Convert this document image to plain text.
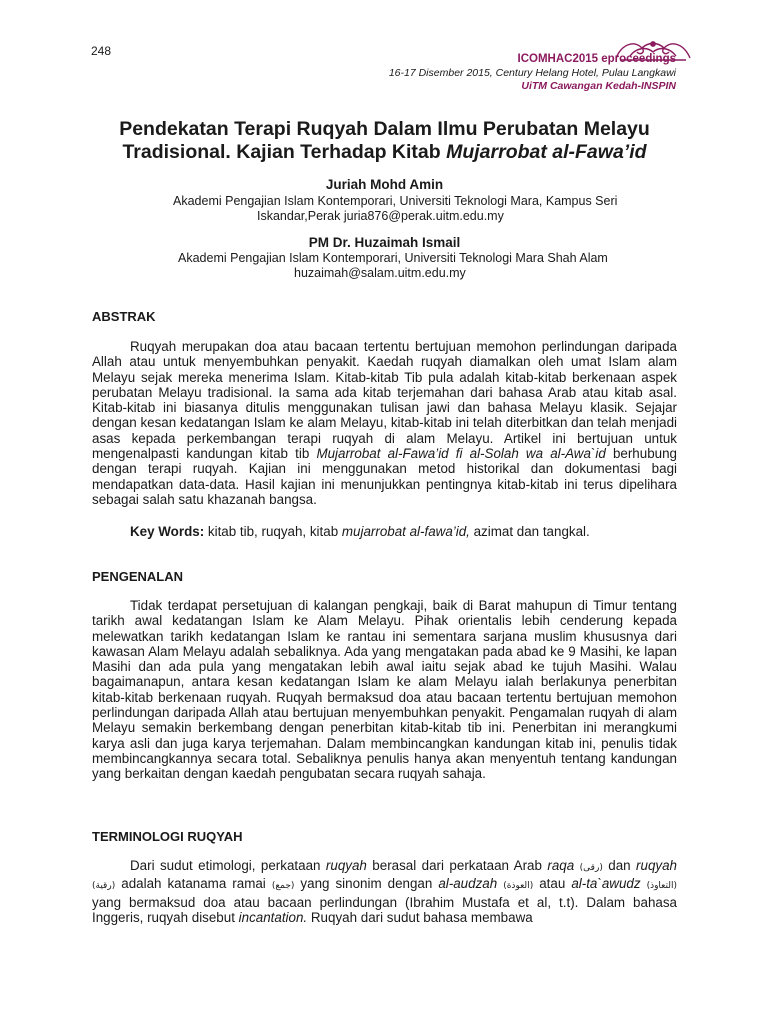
248
ICOMHAC2015 eproceedings
16-17 Disember 2015, Century Helang Hotel, Pulau Langkawi
UiTM Cawangan Kedah-INSPIN
Pendekatan Terapi Ruqyah Dalam Ilmu Perubatan Melayu
Tradisional. Kajian Terhadap Kitab Mujarrobat al-Fawa’id
Juriah Mohd Amin
Akademi Pengajian Islam Kontemporari, Universiti Teknologi Mara, Kampus Seri
Iskandar,Perak juria876@perak.uitm.edu.my
PM Dr. Huzaimah Ismail
Akademi Pengajian Islam Kontemporari, Universiti Teknologi Mara Shah Alam
huzaimah@salam.uitm.edu.my
ABSTRAK
Ruqyah merupakan doa atau bacaan tertentu bertujuan memohon perlindungan daripada Allah atau untuk menyembuhkan penyakit. Kaedah ruqyah diamalkan oleh umat Islam alam Melayu sejak mereka menerima Islam. Kitab-kitab Tib pula adalah kitab-kitab berkenaan aspek perubatan Melayu tradisional. Ia sama ada kitab terjemahan dari bahasa Arab atau kitab asal. Kitab-kitab ini biasanya ditulis menggunakan tulisan jawi dan bahasa Melayu klasik. Sejajar dengan kesan kedatangan Islam ke alam Melayu, kitab-kitab ini telah diterbitkan dan telah menjadi asas kepada perkembangan terapi ruqyah di alam Melayu. Artikel ini bertujuan untuk mengenalpasti kandungan kitab tib Mujarrobat al-Fawa’id fi al-Solah wa al-Awa`id berhubung dengan terapi ruqyah. Kajian ini menggunakan metod historikal dan dokumentasi bagi mendapatkan data-data. Hasil kajian ini menunjukkan pentingnya kitab-kitab ini terus dipelihara sebagai salah satu khazanah bangsa.
Key Words: kitab tib, ruqyah, kitab mujarrobat al-fawa’id, azimat dan tangkal.
PENGENALAN
Tidak terdapat persetujuan di kalangan pengkaji, baik di Barat mahupun di Timur tentang tarikh awal kedatangan Islam ke Alam Melayu. Pihak orientalis lebih cenderung kepada melewatkan tarikh kedatangan Islam ke rantau ini sementara sarjana muslim khususnya dari kawasan Alam Melayu adalah sebaliknya. Ada yang mengatakan pada abad ke 9 Masihi, ke lapan Masihi dan ada pula yang mengatakan lebih awal iaitu sejak abad ke tujuh Masihi. Walau bagaimanapun, antara kesan kedatangan Islam ke alam Melayu ialah berlakunya penerbitan kitab-kitab berkenaan ruqyah. Ruqyah bermaksud doa atau bacaan tertentu bertujuan memohon perlindungan daripada Allah atau bertujuan menyembuhkan penyakit. Pengamalan ruqyah di alam Melayu semakin berkembang dengan penerbitan kitab-kitab tib ini. Penerbitan ini merangkumi karya asli dan juga karya terjemahan. Dalam membincangkan kandungan kitab ini, penulis tidak membincangkannya secara total. Sebaliknya penulis hanya akan menyentuh tentang kandungan yang berkaitan dengan kaedah pengubatan secara ruqyah sahaja.
TERMINOLOGI RUQYAH
Dari sudut etimologi, perkataan ruqyah berasal dari perkataan Arab raqa (رقى) dan ruqyah (رقية) adalah katanama ramai (جمع) yang sinonim dengan al-audzah (العوذة) atau al-ta`awudz (التعاوذ) yang bermaksud doa atau bacaan perlindungan (Ibrahim Mustafa et al, t.t). Dalam bahasa Inggeris, ruqyah disebut incantation. Ruqyah dari sudut bahasa membawa
